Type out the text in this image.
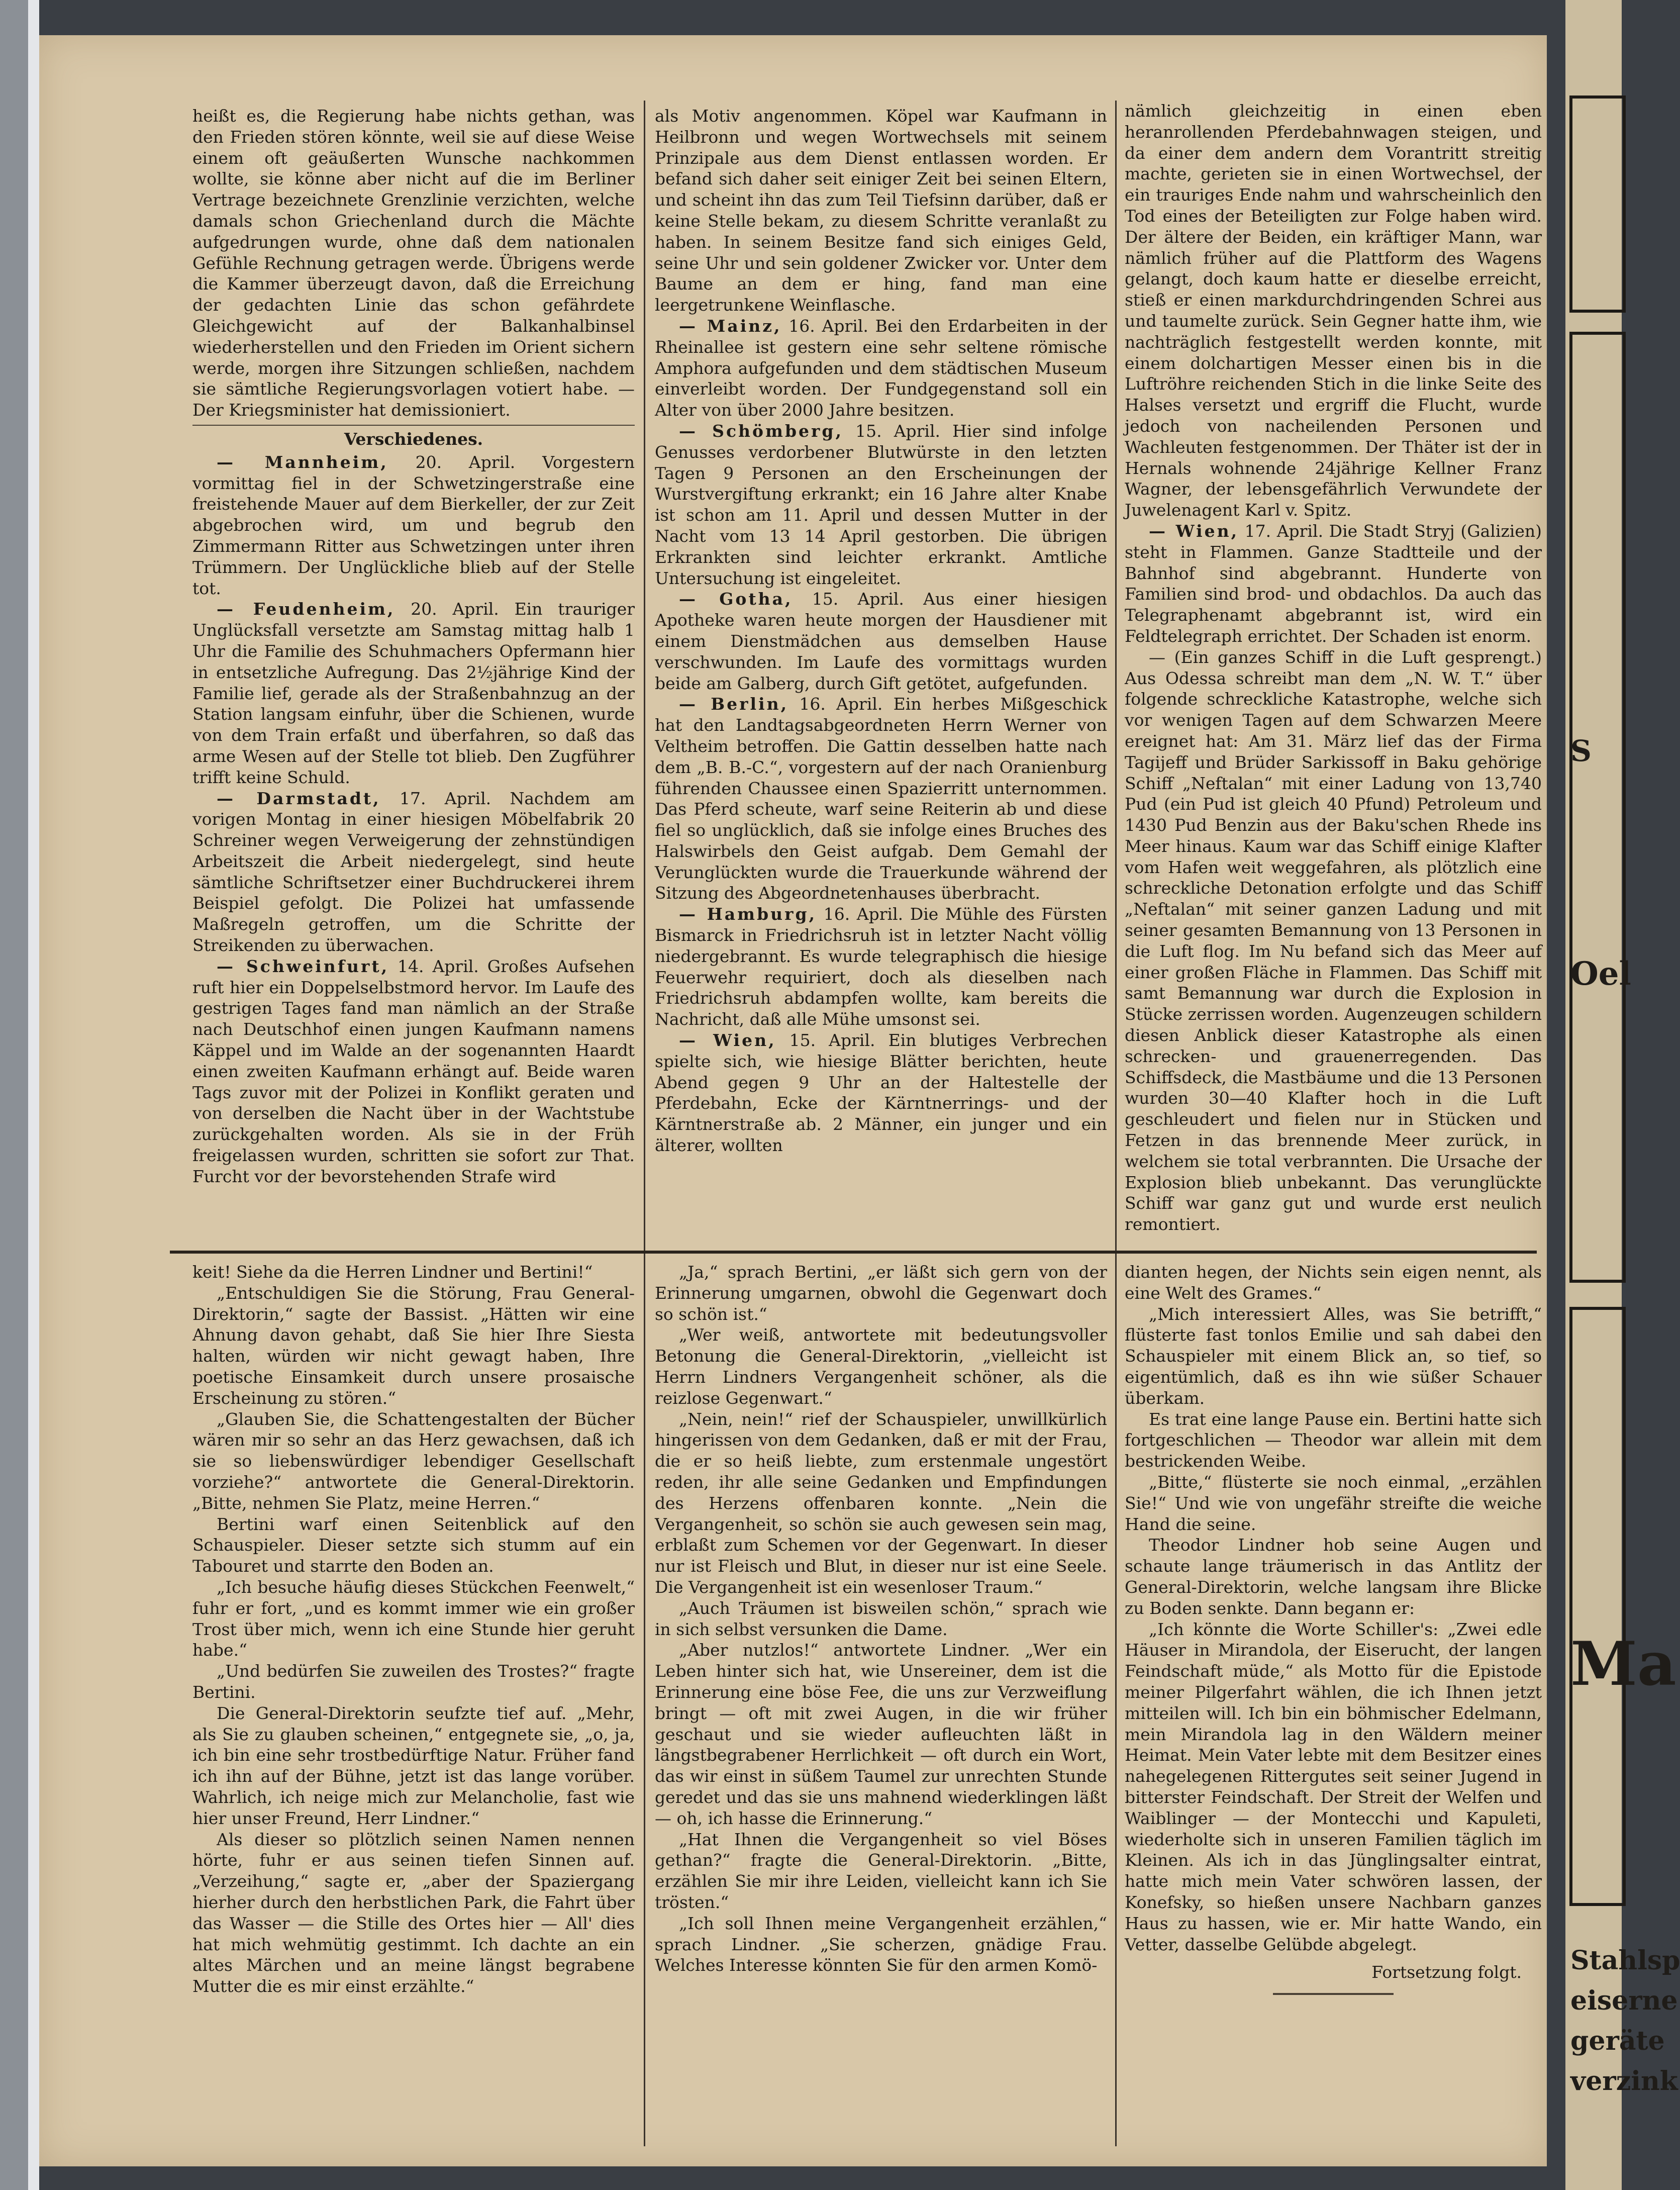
heißt es, die Regierung habe nichts gethan, was den Frieden stören könnte, weil sie auf diese Weise einem oft geäußerten Wunsche nachkommen wollte, sie könne aber nicht auf die im Berliner Vertrage bezeichnete Grenzlinie verzichten, welche damals schon Griechenland durch die Mächte aufgedrungen wurde, ohne daß dem nationalen Gefühle Rechnung getragen werde. Übrigens werde die Kammer überzeugt davon, daß die Erreichung der gedachten Linie das schon gefährdete Gleichgewicht auf der Balkanhalbinsel wiederherstellen und den Frieden im Orient sichern werde, morgen ihre Sitzungen schließen, nachdem sie sämtliche Regierungsvorlagen votiert habe. — Der Kriegsminister hat demissioniert.

Verschiedenes.

— Mannheim, 20. April. Vorgestern vormittag fiel in der Schwetzingerstraße eine freistehende Mauer auf dem Bierkeller, der zur Zeit abgebrochen wird, um und begrub den Zimmermann Ritter aus Schwetzingen unter ihren Trümmern. Der Unglückliche blieb auf der Stelle tot.

— Feudenheim, 20. April. Ein trauriger Unglücksfall versetzte am Samstag mittag halb 1 Uhr die Familie des Schuhmachers Opfermann hier in entsetzliche Aufregung. Das 2½jährige Kind der Familie lief, gerade als der Straßenbahnzug an der Station langsam einfuhr, über die Schienen, wurde von dem Train erfaßt und überfahren, so daß das arme Wesen auf der Stelle tot blieb. Den Zugführer trifft keine Schuld.

— Darmstadt, 17. April. Nachdem am vorigen Montag in einer hiesigen Möbelfabrik 20 Schreiner wegen Verweigerung der zehnstündigen Arbeitszeit die Arbeit niedergelegt, sind heute sämtliche Schriftsetzer einer Buchdruckerei ihrem Beispiel gefolgt. Die Polizei hat umfassende Maßregeln getroffen, um die Schritte der Streikenden zu überwachen.

— Schweinfurt, 14. April. Großes Aufsehen ruft hier ein Doppelselbstmord hervor. Im Laufe des gestrigen Tages fand man nämlich an der Straße nach Deutschhof einen jungen Kaufmann namens Käppel und im Walde an der sogenannten Haardt einen zweiten Kaufmann erhängt auf. Beide waren Tags zuvor mit der Polizei in Konflikt geraten und von derselben die Nacht über in der Wachtstube zurückgehalten worden. Als sie in der Früh freigelassen wurden, schritten sie sofort zur That. Furcht vor der bevorstehenden Strafe wird

als Motiv angenommen. Köpel war Kaufmann in Heilbronn und wegen Wortwechsels mit seinem Prinzipale aus dem Dienst entlassen worden. Er befand sich daher seit einiger Zeit bei seinen Eltern, und scheint ihn das zum Teil Tiefsinn darüber, daß er keine Stelle bekam, zu diesem Schritte veranlaßt zu haben. In seinem Besitze fand sich einiges Geld, seine Uhr und sein goldener Zwicker vor. Unter dem Baume an dem er hing, fand man eine leergetrunkene Weinflasche.

— Mainz, 16. April. Bei den Erdarbeiten in der Rheinallee ist gestern eine sehr seltene römische Amphora aufgefunden und dem städtischen Museum einverleibt worden. Der Fundgegenstand soll ein Alter von über 2000 Jahre besitzen.

— Schömberg, 15. April. Hier sind infolge Genusses verdorbener Blutwürste in den letzten Tagen 9 Personen an den Erscheinungen der Wurstvergiftung erkrankt; ein 16 Jahre alter Knabe ist schon am 11. April und dessen Mutter in der Nacht vom 13 14 April gestorben. Die übrigen Erkrankten sind leichter erkrankt. Amtliche Untersuchung ist eingeleitet.

— Gotha, 15. April. Aus einer hiesigen Apotheke waren heute morgen der Hausdiener mit einem Dienstmädchen aus demselben Hause verschwunden. Im Laufe des vormittags wurden beide am Galberg, durch Gift getötet, aufgefunden.

— Berlin, 16. April. Ein herbes Mißgeschick hat den Landtagsabgeordneten Herrn Werner von Veltheim betroffen. Die Gattin desselben hatte nach dem „B. B.-C.“, vorgestern auf der nach Oranienburg führenden Chaussee einen Spazierritt unternommen. Das Pferd scheute, warf seine Reiterin ab und diese fiel so unglücklich, daß sie infolge eines Bruches des Halswirbels den Geist aufgab. Dem Gemahl der Verunglückten wurde die Trauerkunde während der Sitzung des Abgeordnetenhauses überbracht.

— Hamburg, 16. April. Die Mühle des Fürsten Bismarck in Friedrichsruh ist in letzter Nacht völlig niedergebrannt. Es wurde telegraphisch die hiesige Feuerwehr requiriert, doch als dieselben nach Friedrichsruh abdampfen wollte, kam bereits die Nachricht, daß alle Mühe umsonst sei.

— Wien, 15. April. Ein blutiges Verbrechen spielte sich, wie hiesige Blätter berichten, heute Abend gegen 9 Uhr an der Haltestelle der Pferdebahn, Ecke der Kärntnerrings- und der Kärntnerstraße ab. 2 Männer, ein junger und ein älterer, wollten

nämlich gleichzeitig in einen eben heranrollenden Pferdebahnwagen steigen, und da einer dem andern dem Vorantritt streitig machte, gerieten sie in einen Wortwechsel, der ein trauriges Ende nahm und wahrscheinlich den Tod eines der Beteiligten zur Folge haben wird. Der ältere der Beiden, ein kräftiger Mann, war nämlich früher auf die Plattform des Wagens gelangt, doch kaum hatte er dieselbe erreicht, stieß er einen markdurchdringenden Schrei aus und taumelte zurück. Sein Gegner hatte ihm, wie nachträglich festgestellt werden konnte, mit einem dolchartigen Messer einen bis in die Luftröhre reichenden Stich in die linke Seite des Halses versetzt und ergriff die Flucht, wurde jedoch von nacheilenden Personen und Wachleuten festgenommen. Der Thäter ist der in Hernals wohnende 24jährige Kellner Franz Wagner, der lebensgefährlich Verwundete der Juwelenagent Karl v. Spitz.

— Wien, 17. April. Die Stadt Stryj (Galizien) steht in Flammen. Ganze Stadtteile und der Bahnhof sind abgebrannt. Hunderte von Familien sind brod- und obdachlos. Da auch das Telegraphenamt abgebrannt ist, wird ein Feldtelegraph errichtet. Der Schaden ist enorm.

— (Ein ganzes Schiff in die Luft gesprengt.) Aus Odessa schreibt man dem „N. W. T.“ über folgende schreckliche Katastrophe, welche sich vor wenigen Tagen auf dem Schwarzen Meere ereignet hat: Am 31. März lief das der Firma Tagijeff und Brüder Sarkissoff in Baku gehörige Schiff „Neftalan“ mit einer Ladung von 13,740 Pud (ein Pud ist gleich 40 Pfund) Petroleum und 1430 Pud Benzin aus der Baku'schen Rhede ins Meer hinaus. Kaum war das Schiff einige Klafter vom Hafen weit weggefahren, als plötzlich eine schreckliche Detonation erfolgte und das Schiff „Neftalan“ mit seiner ganzen Ladung und mit seiner gesamten Bemannung von 13 Personen in die Luft flog. Im Nu befand sich das Meer auf einer großen Fläche in Flammen. Das Schiff mit samt Bemannung war durch die Explosion in Stücke zerrissen worden. Augenzeugen schildern diesen Anblick dieser Katastrophe als einen schrecken- und grauenerregenden. Das Schiffsdeck, die Mastbäume und die 13 Personen wurden 30—40 Klafter hoch in die Luft geschleudert und fielen nur in Stücken und Fetzen in das brennende Meer zurück, in welchem sie total verbrannten. Die Ursache der Explosion blieb unbekannt. Das verunglückte Schiff war ganz gut und wurde erst neulich remontiert.

keit! Siehe da die Herren Lindner und Bertini!“

„Entschuldigen Sie die Störung, Frau General-Direktorin,“ sagte der Bassist. „Hätten wir eine Ahnung davon gehabt, daß Sie hier Ihre Siesta halten, würden wir nicht gewagt haben, Ihre poetische Einsamkeit durch unsere prosaische Erscheinung zu stören.“

„Glauben Sie, die Schattengestalten der Bücher wären mir so sehr an das Herz gewachsen, daß ich sie so liebenswürdiger lebendiger Gesellschaft vorziehe?“ antwortete die General-Direktorin. „Bitte, nehmen Sie Platz, meine Herren.“

Bertini warf einen Seitenblick auf den Schauspieler. Dieser setzte sich stumm auf ein Tabouret und starrte den Boden an.

„Ich besuche häufig dieses Stückchen Feenwelt,“ fuhr er fort, „und es kommt immer wie ein großer Trost über mich, wenn ich eine Stunde hier geruht habe.“

„Und bedürfen Sie zuweilen des Trostes?“ fragte Bertini.

Die General-Direktorin seufzte tief auf. „Mehr, als Sie zu glauben scheinen,“ entgegnete sie, „o, ja, ich bin eine sehr trostbedürftige Natur. Früher fand ich ihn auf der Bühne, jetzt ist das lange vorüber. Wahrlich, ich neige mich zur Melancholie, fast wie hier unser Freund, Herr Lindner.“

Als dieser so plötzlich seinen Namen nennen hörte, fuhr er aus seinen tiefen Sinnen auf. „Verzeihung,“ sagte er, „aber der Spaziergang hierher durch den herbstlichen Park, die Fahrt über das Wasser — die Stille des Ortes hier — All' dies hat mich wehmütig gestimmt. Ich dachte an ein altes Märchen und an meine längst begrabene Mutter die es mir einst erzählte.“

„Ja,“ sprach Bertini, „er läßt sich gern von der Erinnerung umgarnen, obwohl die Gegenwart doch so schön ist.“

„Wer weiß, antwortete mit bedeutungsvoller Betonung die General-Direktorin, „vielleicht ist Herrn Lindners Vergangenheit schöner, als die reizlose Gegenwart.“

„Nein, nein!“ rief der Schauspieler, unwillkürlich hingerissen von dem Gedanken, daß er mit der Frau, die er so heiß liebte, zum erstenmale ungestört reden, ihr alle seine Gedanken und Empfindungen des Herzens offenbaren konnte. „Nein die Vergangenheit, so schön sie auch gewesen sein mag, erblaßt zum Schemen vor der Gegenwart. In dieser nur ist Fleisch und Blut, in dieser nur ist eine Seele. Die Vergangenheit ist ein wesenloser Traum.“

„Auch Träumen ist bisweilen schön,“ sprach wie in sich selbst versunken die Dame.

„Aber nutzlos!“ antwortete Lindner. „Wer ein Leben hinter sich hat, wie Unsereiner, dem ist die Erinnerung eine böse Fee, die uns zur Verzweiflung bringt — oft mit zwei Augen, in die wir früher geschaut und sie wieder aufleuchten läßt in längstbegrabener Herrlichkeit — oft durch ein Wort, das wir einst in süßem Taumel zur unrechten Stunde geredet und das sie uns mahnend wiederklingen läßt — oh, ich hasse die Erinnerung.“

„Hat Ihnen die Vergangenheit so viel Böses gethan?“ fragte die General-Direktorin. „Bitte, erzählen Sie mir ihre Leiden, vielleicht kann ich Sie trösten.“

„Ich soll Ihnen meine Vergangenheit erzählen,“ sprach Lindner. „Sie scherzen, gnädige Frau. Welches Interesse könnten Sie für den armen Komö-

dianten hegen, der Nichts sein eigen nennt, als eine Welt des Grames.“

„Mich interessiert Alles, was Sie betrifft,“ flüsterte fast tonlos Emilie und sah dabei den Schauspieler mit einem Blick an, so tief, so eigentümlich, daß es ihn wie süßer Schauer überkam.

Es trat eine lange Pause ein. Bertini hatte sich fortgeschlichen — Theodor war allein mit dem bestrickenden Weibe.

„Bitte,“ flüsterte sie noch einmal, „erzählen Sie!“ Und wie von ungefähr streifte die weiche Hand die seine.

Theodor Lindner hob seine Augen und schaute lange träumerisch in das Antlitz der General-Direktorin, welche langsam ihre Blicke zu Boden senkte. Dann begann er:

„Ich könnte die Worte Schiller's: „Zwei edle Häuser in Mirandola, der Eiserucht, der langen Feindschaft müde,“ als Motto für die Epistode meiner Pilgerfahrt wählen, die ich Ihnen jetzt mitteilen will. Ich bin ein böhmischer Edelmann, mein Mirandola lag in den Wäldern meiner Heimat. Mein Vater lebte mit dem Besitzer eines nahegelegenen Rittergutes seit seiner Jugend in bitterster Feindschaft. Der Streit der Welfen und Waiblinger — der Montecchi und Kapuleti, wiederholte sich in unseren Familien täglich im Kleinen. Als ich in das Jünglingsalter eintrat, hatte mich mein Vater schwören lassen, der Konefsky, so hießen unsere Nachbarn ganzes Haus zu hassen, wie er. Mir hatte Wando, ein Vetter, dasselbe Gelübde abgelegt.

Fortsetzung folgt.

Oel
S
Ma
Stahlsp
eiserne
geräte
verzink
